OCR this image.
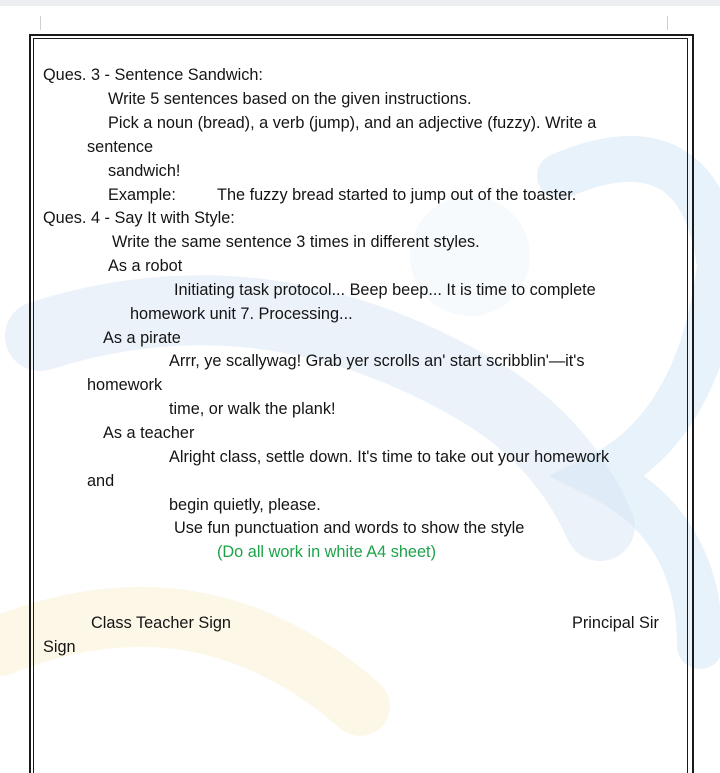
Ques. 3 - Sentence Sandwich:
Write 5 sentences based on the given instructions.
Pick a noun (bread), a verb (jump), and an adjective (fuzzy). Write a
sentence
sandwich!
Example:	The fuzzy bread started to jump out of the toaster.
Ques. 4 - Say It with Style:
Write the same sentence 3 times in different styles.
As a robot
Initiating task protocol... Beep beep... It is time to complete
homework unit 7. Processing...
As a pirate
Arrr, ye scallywag! Grab yer scrolls an' start scribblin'—it's
homework
time, or walk the plank!
As a teacher
Alright class, settle down. It's time to take out your homework
and
begin quietly, please.
Use fun punctuation and words to show the style
(Do all work in white A4 sheet)
Class Teacher Sign	Principal Sir
Sign
